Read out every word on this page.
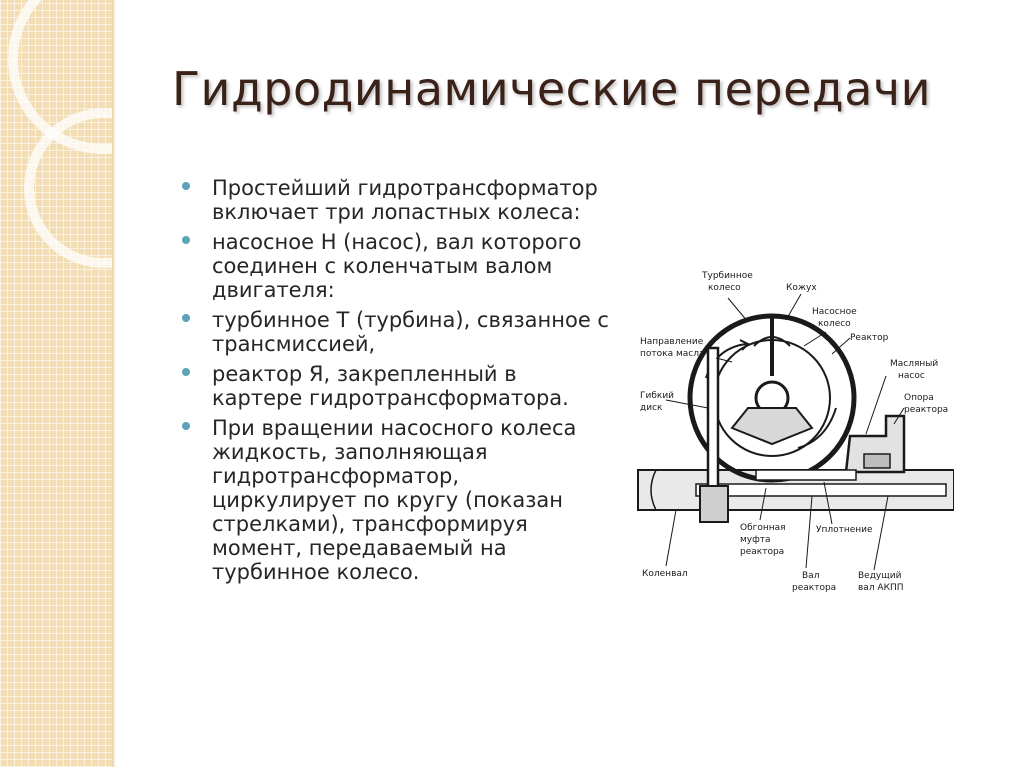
Гидродинамические передачи
Простейший гидротрансформатор включает три лопастных колеса:
насосное Н (насос), вал которого соединен с коленчатым валом двигателя:
турбинное Т (турбина), связанное с трансмиссией,
реактор Я, закрепленный в картере гидротрансформатора.
При вращении насосного колеса жидкость, заполняющая гидротрансформатор, циркулирует по кругу (показан стрелками), трансформируя момент, передаваемый на турбинное колесо.
Турбинное
колесо	Кожух
Насосное
колесо
Реактор
Направление
потока масла
Масляный
насос
Гибкий
диск
Опора
реактора
Обгонная
муфта
реактора
Уплотнение
Коленвал	Вал
реактора
Ведущий
вал АКПП
